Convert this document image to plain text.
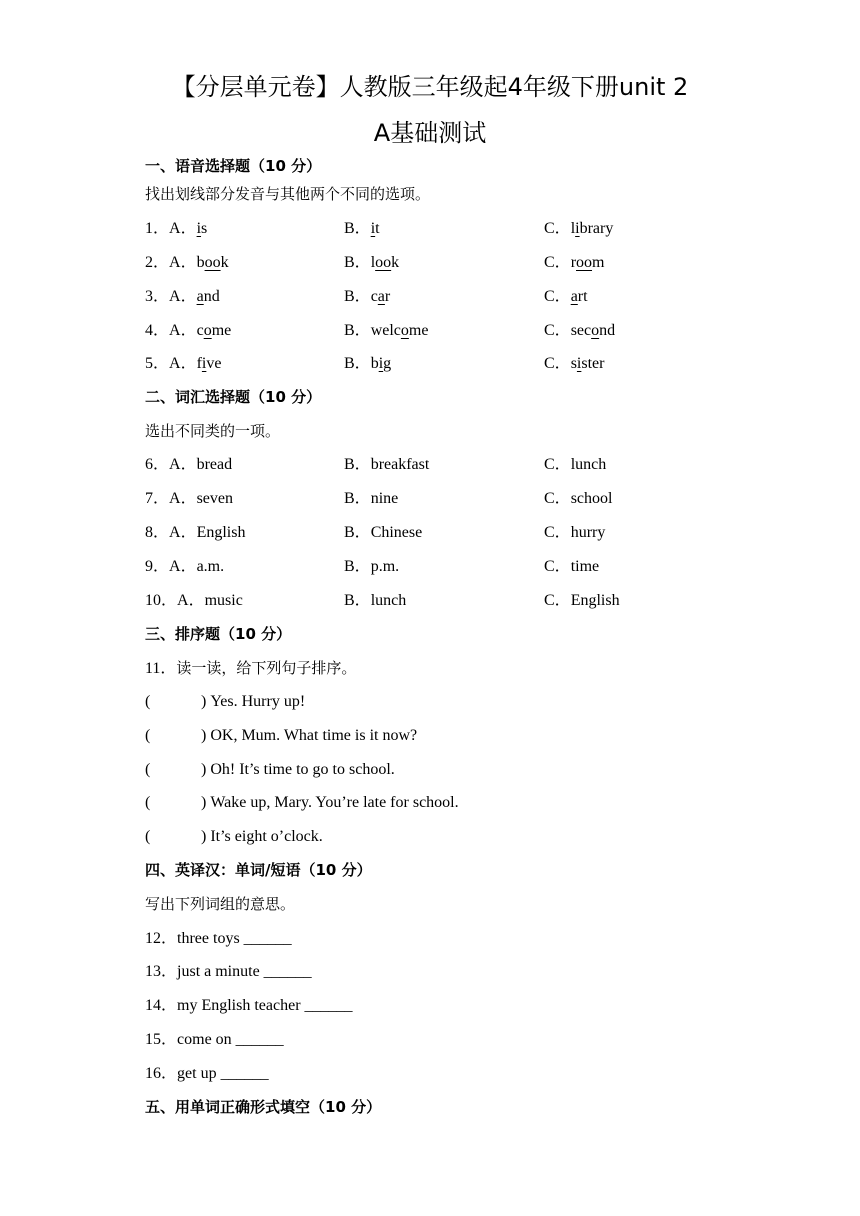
【分层单元卷】人教版三年级起4年级下册unit 2
A基础测试
一、语音选择题（10 分）
找出划线部分发音与其他两个不同的选项。
1．A．is	B．it	C．library
2．A．book	B．look	C．room
3．A．and	B．car	C．art
4．A．come	B．welcome	C．second
5．A．five	B．big	C．sister
二、词汇选择题（10 分）
选出不同类的一项。
6．A．bread	B．breakfast	C．lunch
7．A．seven	B．nine	C．school
8．A．English	B．Chinese	C．hurry
9．A．a.m.	B．p.m.	C．time
10．A．music	B．lunch	C．English
三、排序题（10 分）
11．读一读，给下列句子排序。
(	) Yes. Hurry up!
(	) OK, Mum. What time is it now?
(	) Oh! It’s time to go to school.
(	) Wake up, Mary. You’re late for school.
(	) It’s eight o’clock.
四、英译汉：单词/短语（10 分）
写出下列词组的意思。
12．three toys ______
13．just a minute ______
14．my English teacher ______
15．come on ______
16．get up ______
五、用单词正确形式填空（10 分）
